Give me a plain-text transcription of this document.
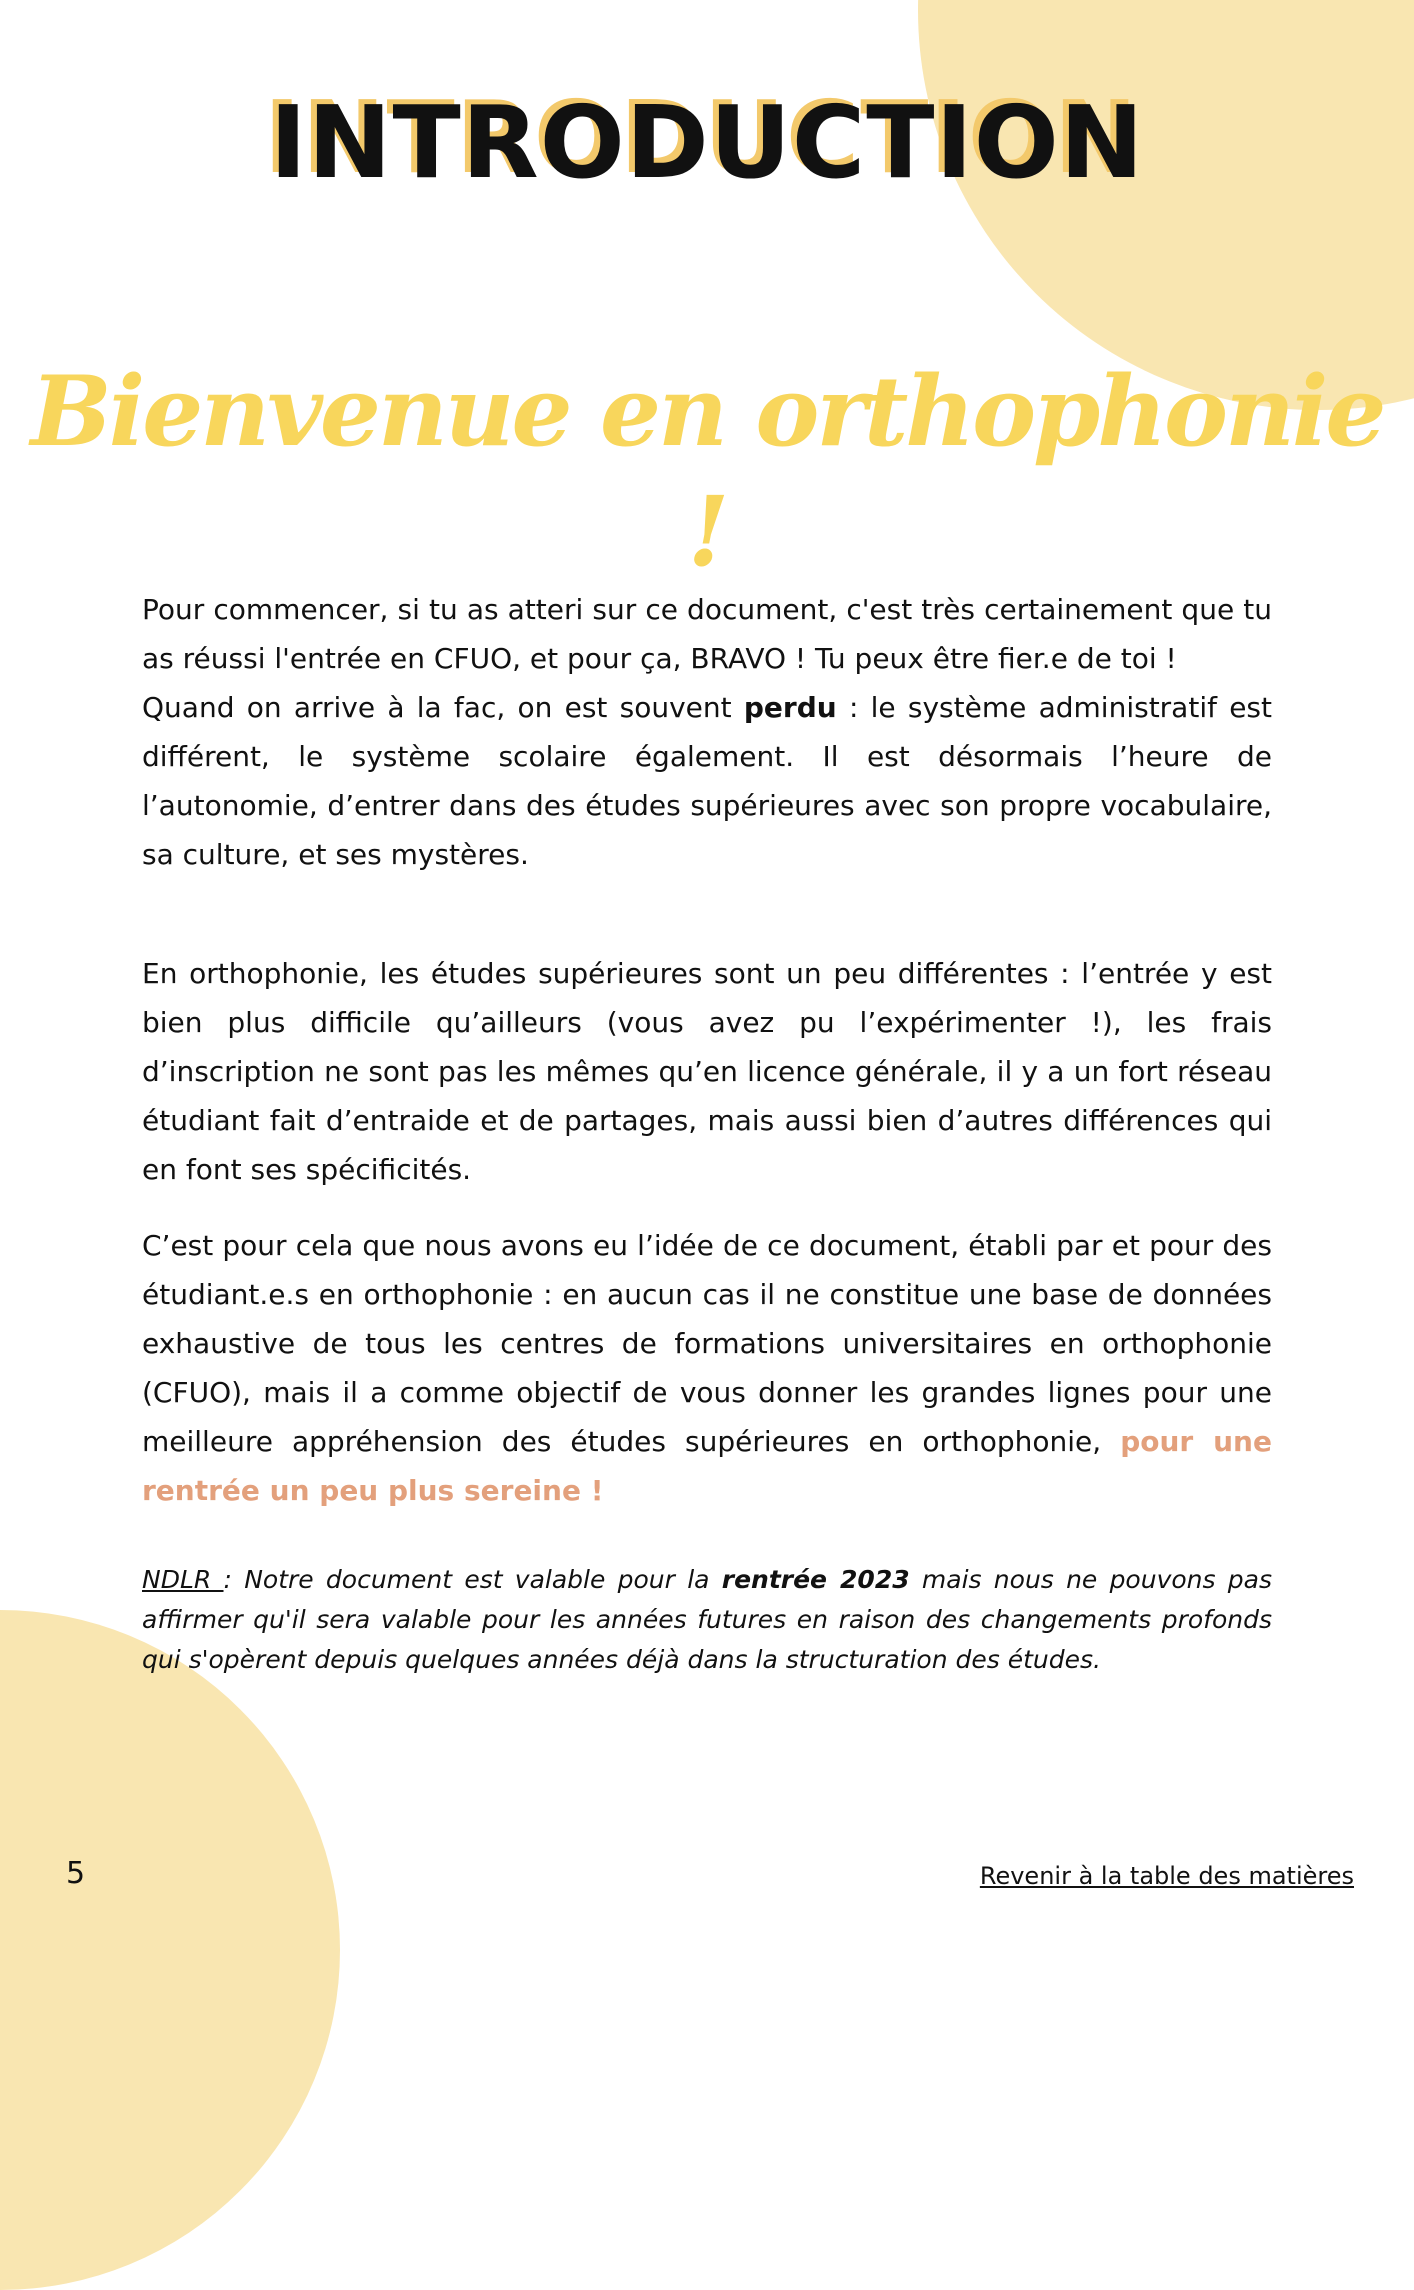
INTRODUCTION
Bienvenue en orthophonie !

Pour commencer, si tu as atteri sur ce document, c'est très certainement que tu as réussi l'entrée en CFUO, et pour ça, BRAVO ! Tu peux être fier.e de toi !
Quand on arrive à la fac, on est souvent perdu : le système administratif est différent, le système scolaire également. Il est désormais l’heure de l’autonomie, d’entrer dans des études supérieures avec son propre vocabulaire, sa culture, et ses mystères.

En orthophonie, les études supérieures sont un peu différentes : l’entrée y est bien plus difficile qu’ailleurs (vous avez pu l’expérimenter !), les frais d’inscription ne sont pas les mêmes qu’en licence générale, il y a un fort réseau étudiant fait d’entraide et de partages, mais aussi bien d’autres différences qui en font ses spécificités.

C’est pour cela que nous avons eu l’idée de ce document, établi par et pour des étudiant.e.s en orthophonie : en aucun cas il ne constitue une base de données exhaustive de tous les centres de formations universitaires en orthophonie (CFUO), mais il a comme objectif de vous donner les grandes lignes pour une meilleure appréhension des études supérieures en orthophonie, pour une rentrée un peu plus sereine !

NDLR : Notre document est valable pour la rentrée 2023 mais nous ne pouvons pas affirmer qu'il sera valable pour les années futures en raison des changements profonds qui s'opèrent depuis quelques années déjà dans la structuration des études.

5	Revenir à la table des matières
